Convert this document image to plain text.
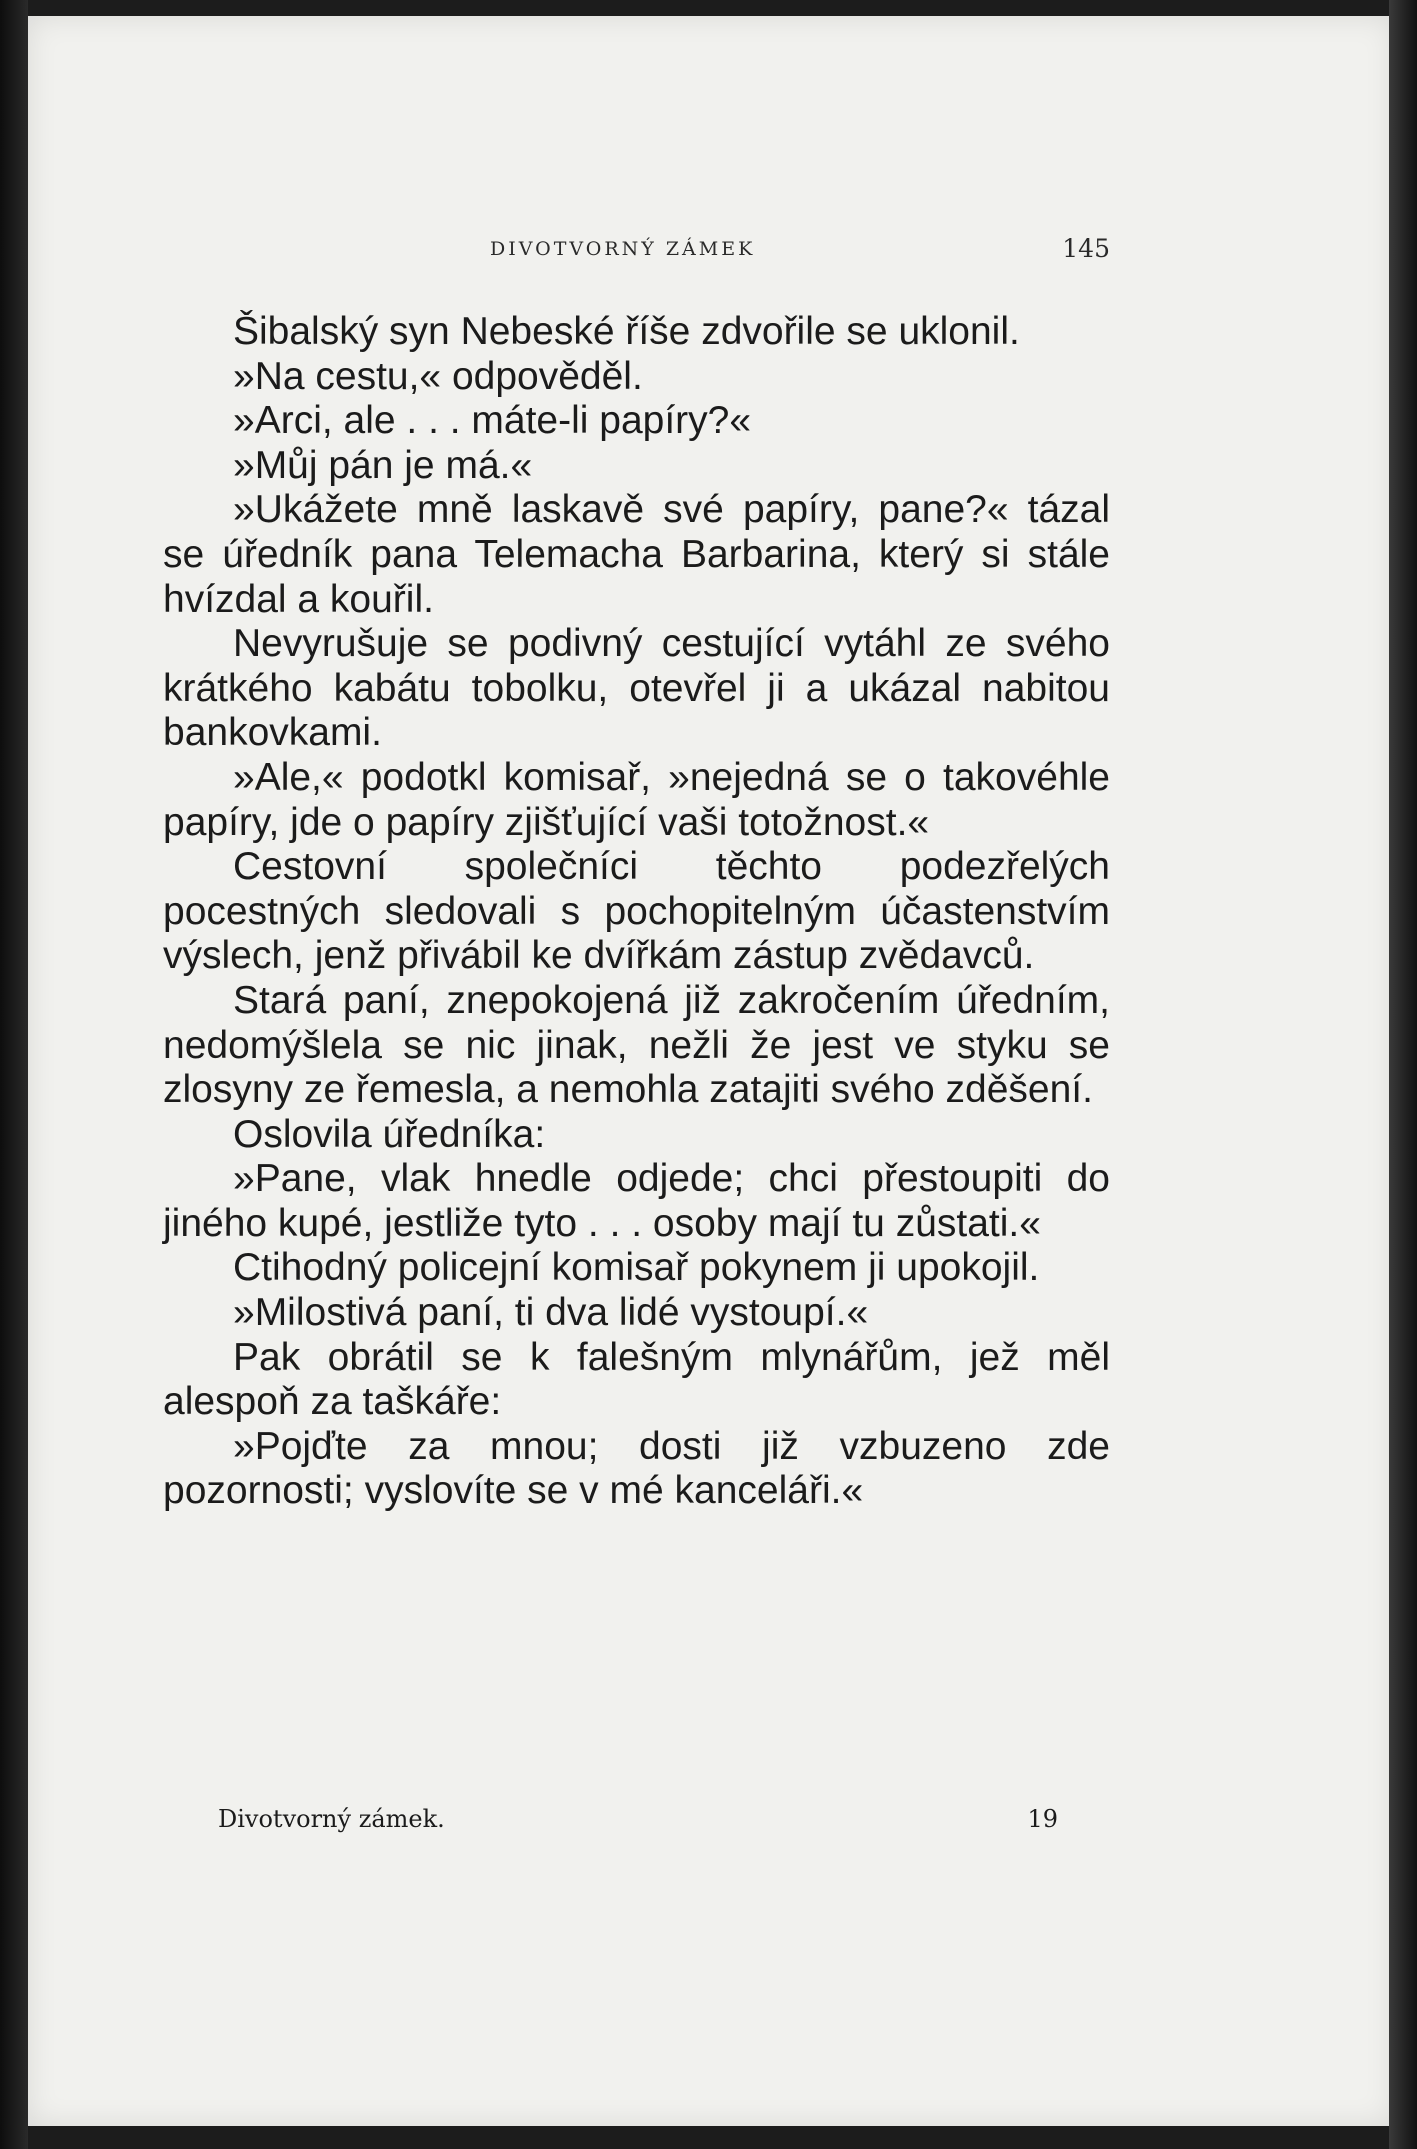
DIVOTVORNÝ ZÁMEK	145

Šibalský syn Nebeské říše zdvořile se uklonil.

»Na cestu,« odpověděl.

»Arci, ale . . . máte-li papíry?«

»Můj pán je má.«

»Ukážete mně laskavě své papíry, pane?« tázal se úředník pana Telemacha Barbarina, který si stále hvízdal a kouřil.

Nevyrušuje se podivný cestující vytáhl ze svého krátkého kabátu tobolku, otevřel ji a ukázal nabitou bankovkami.

»Ale,« podotkl komisař, »nejedná se o takovéhle papíry, jde o papíry zjišťující vaši totožnost.«

Cestovní společníci těchto podezřelých pocestných sledovali s pochopitelným účastenstvím výslech, jenž přivábil ke dvířkám zástup zvědavců.

Stará paní, znepokojená již zakročením úředním, nedomýšlela se nic jinak, nežli že jest ve styku se zlosyny ze řemesla, a nemohla zatajiti svého zděšení.

Oslovila úředníka:

»Pane, vlak hnedle odjede; chci přestoupiti do jiného kupé, jestliže tyto . . . osoby mají tu zůstati.«

Ctihodný policejní komisař pokynem ji upokojil.

»Milostivá paní, ti dva lidé vystoupí.«

Pak obrátil se k falešným mlynářům, jež měl alespoň za taškáře:

»Pojďte za mnou; dosti již vzbuzeno zde pozornosti; vyslovíte se v mé kanceláři.«

Divotvorný zámek.	19
